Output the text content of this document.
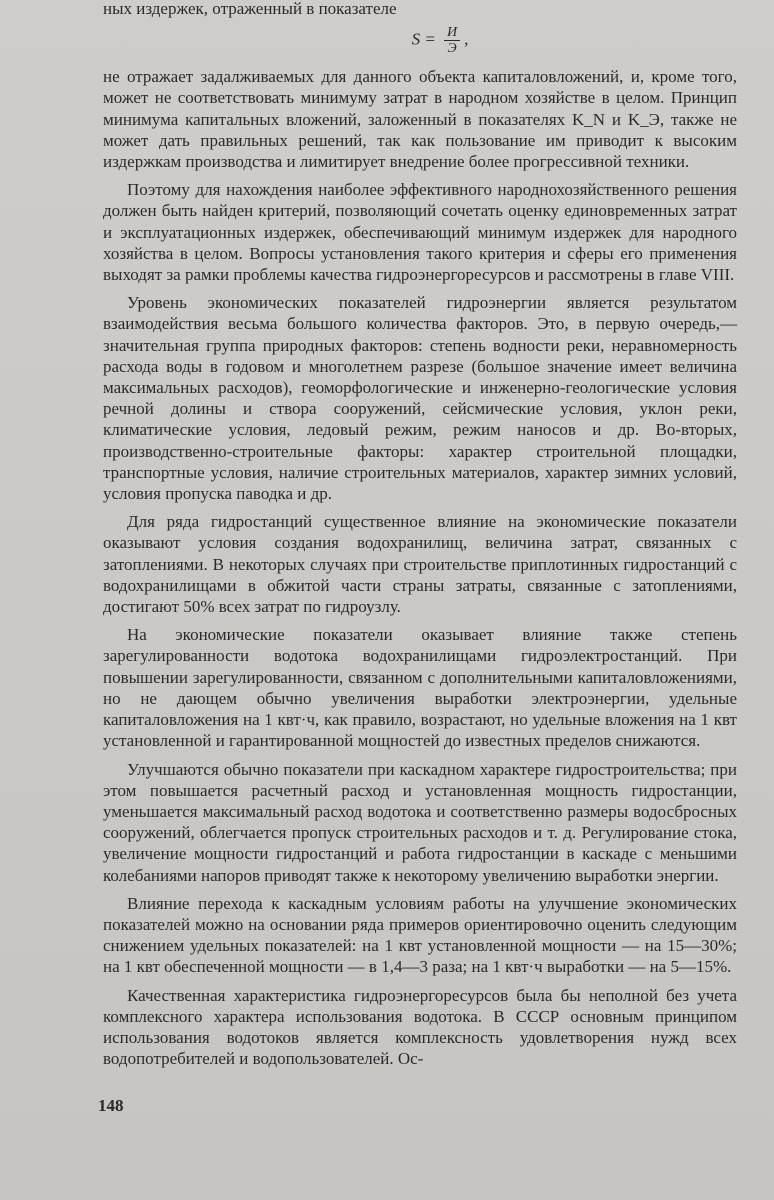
ных издержек, отраженный в показателе
$S = \frac{И}{Э}$ ,

не отражает задалживаемых для данного объекта капиталовложений, и, кроме того, может не соответствовать минимуму затрат в народном хозяйстве в целом. Принцип минимума капитальных вложений, заложенный в показателях K_N и K_Э, также не может дать правильных решений, так как пользование им приводит к высоким издержкам производства и лимитирует внедрение более прогрессивной техники.

Поэтому для нахождения наиболее эффективного народнохозяйственного решения должен быть найден критерий, позволяющий сочетать оценку единовременных затрат и эксплуатационных издержек, обеспечивающий минимум издержек для народного хозяйства в целом. Вопросы установления такого критерия и сферы его применения выходят за рамки проблемы качества гидроэнергоресурсов и рассмотрены в главе VIII.

Уровень экономических показателей гидроэнергии является результатом взаимодействия весьма большого количества факторов. Это, в первую очередь,— значительная группа природных факторов: степень водности реки, неравномерность расхода воды в годовом и многолетнем разрезе (большое значение имеет величина максимальных расходов), геоморфологические и инженерно-геологические условия речной долины и створа сооружений, сейсмические условия, уклон реки, климатические условия, ледовый режим, режим наносов и др. Во-вторых, производственно-строительные факторы: характер строительной площадки, транспортные условия, наличие строительных материалов, характер зимних условий, условия пропуска паводка и др.

Для ряда гидростанций существенное влияние на экономические показатели оказывают условия создания водохранилищ, величина затрат, связанных с затоплениями. В некоторых случаях при строительстве приплотинных гидростанций с водохранилищами в обжитой части страны затраты, связанные с затоплениями, достигают 50% всех затрат по гидроузлу.

На экономические показатели оказывает влияние также степень зарегулированности водотока водохранилищами гидроэлектростанций. При повышении зарегулированности, связанном с дополнительными капиталовложениями, но не дающем обычно увеличения выработки электроэнергии, удельные капиталовложения на 1 квт·ч, как правило, возрастают, но удельные вложения на 1 квт установленной и гарантированной мощностей до известных пределов снижаются.

Улучшаются обычно показатели при каскадном характере гидростроительства; при этом повышается расчетный расход и установленная мощность гидростанции, уменьшается максимальный расход водотока и соответственно размеры водосбросных сооружений, облегчается пропуск строительных расходов и т. д. Регулирование стока, увеличение мощности гидростанций и работа гидростанции в каскаде с меньшими колебаниями напоров приводят также к некоторому увеличению выработки энергии.

Влияние перехода к каскадным условиям работы на улучшение экономических показателей можно на основании ряда примеров ориентировочно оценить следующим снижением удельных показателей: на 1 квт установленной мощности — на 15—30%; на 1 квт обеспеченной мощности — в 1,4—3 раза; на 1 квт·ч выработки — на 5—15%.

Качественная характеристика гидроэнергоресурсов была бы неполной без учета комплексного характера использования водотока. В СССР основным принципом использования водотоков является комплексность удовлетворения нужд всех водопотребителей и водопользователей. Ос-

148
